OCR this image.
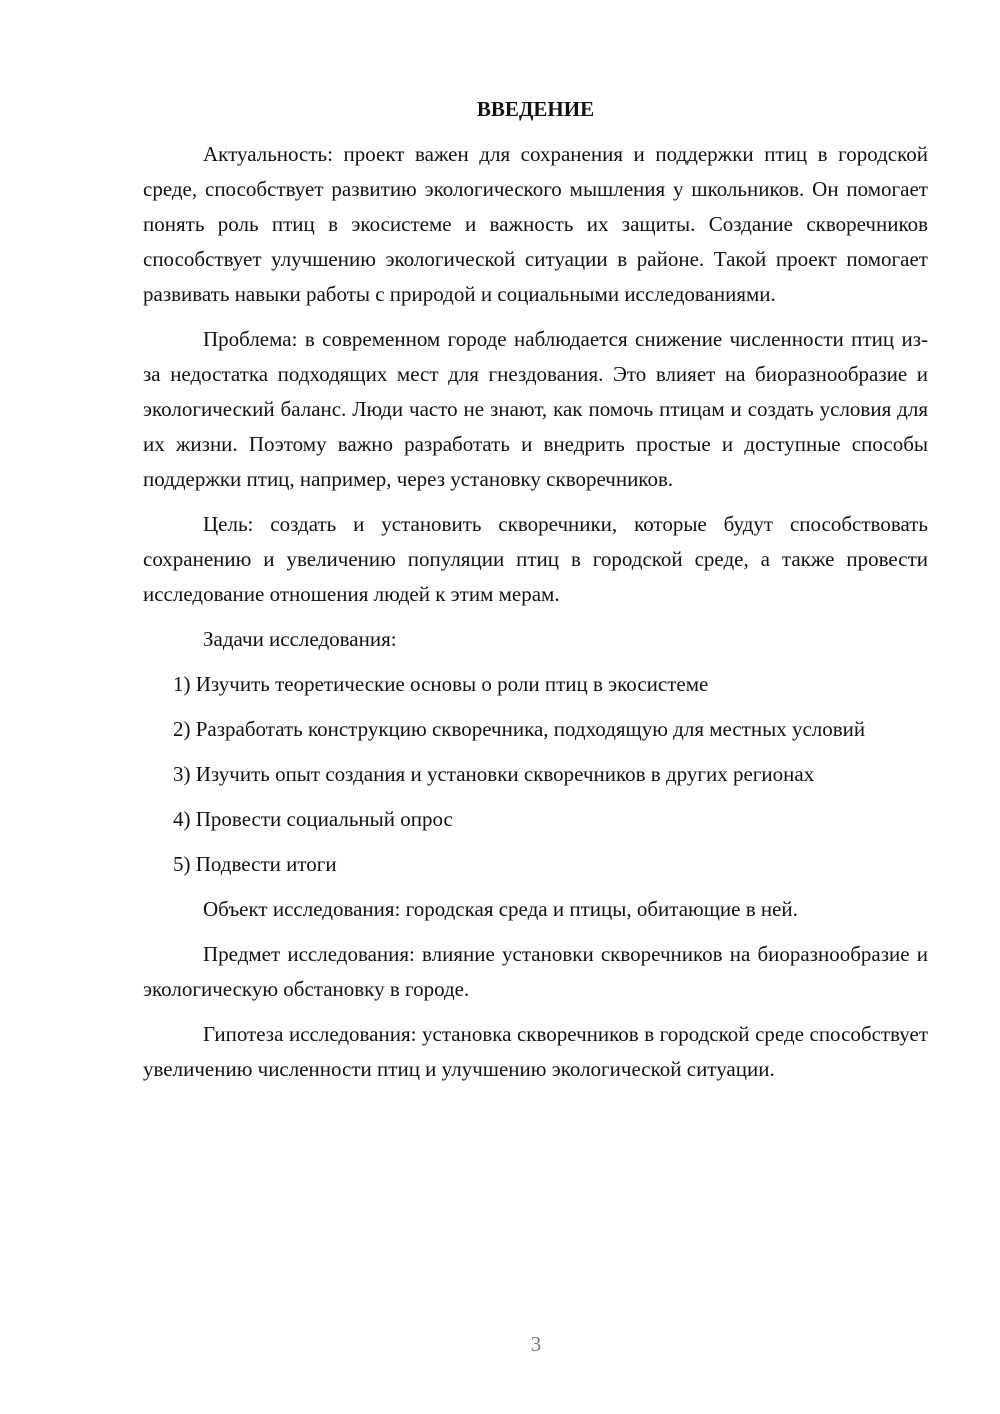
ВВЕДЕНИЕ

Актуальность: проект важен для сохранения и поддержки птиц в городской среде, способствует развитию экологического мышления у школьников. Он помогает понять роль птиц в экосистеме и важность их защиты. Создание скворечников способствует улучшению экологической ситуации в районе. Такой проект помогает развивать навыки работы с природой и социальными исследованиями.

Проблема: в современном городе наблюдается снижение численности птиц из-за недостатка подходящих мест для гнездования. Это влияет на биоразнообразие и экологический баланс. Люди часто не знают, как помочь птицам и создать условия для их жизни. Поэтому важно разработать и внедрить простые и доступные способы поддержки птиц, например, через установку скворечников.

Цель: создать и установить скворечники, которые будут способствовать сохранению и увеличению популяции птиц в городской среде, а также провести исследование отношения людей к этим мерам.

Задачи исследования:

1) Изучить теоретические основы о роли птиц в экосистеме

2) Разработать конструкцию скворечника, подходящую для местных условий

3) Изучить опыт создания и установки скворечников в других регионах

4) Провести социальный опрос

5) Подвести итоги

Объект исследования: городская среда и птицы, обитающие в ней.

Предмет исследования: влияние установки скворечников на биоразнообразие и экологическую обстановку в городе.

Гипотеза исследования: установка скворечников в городской среде способствует увеличению численности птиц и улучшению экологической ситуации.

3
